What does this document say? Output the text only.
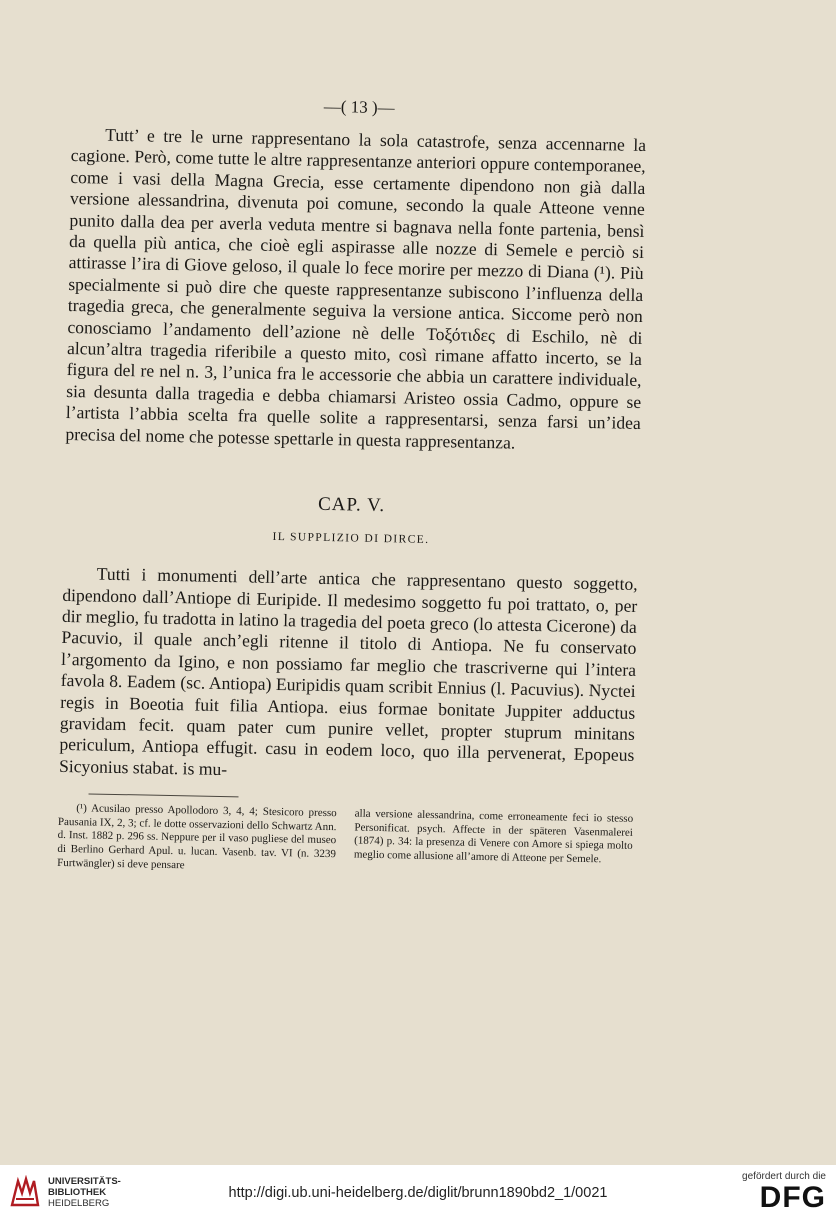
—( 13 )—

Tutt’ e tre le urne rappresentano la sola catastrofe, senza accennarne la cagione. Però, come tutte le altre rappresentanze anteriori oppure contemporanee, come i vasi della Magna Grecia, esse certamente dipendono non già dalla versione alessandrina, divenuta poi comune, secondo la quale Atteone venne punito dalla dea per averla veduta mentre si bagnava nella fonte partenia, bensì da quella più antica, che cioè egli aspirasse alle nozze di Semele e perciò si attirasse l’ira di Giove geloso, il quale lo fece morire per mezzo di Diana (¹). Più specialmente si può dire che queste rappresentanze subiscono l’influenza della tragedia greca, che generalmente seguiva la versione antica. Siccome però non conosciamo l’andamento dell’azione nè delle Τοξότιδες di Eschilo, nè di alcun’altra tragedia riferibile a questo mito, così rimane affatto incerto, se la figura del re nel n. 3, l’unica fra le accessorie che abbia un carattere individuale, sia desunta dalla tragedia e debba chiamarsi Aristeo ossia Cadmo, oppure se l’artista l’abbia scelta fra quelle solite a rappresentarsi, senza farsi un’idea precisa del nome che potesse spettarle in questa rappresentanza.

CAP. V.
IL SUPPLIZIO DI DIRCE.

Tutti i monumenti dell’arte antica che rappresentano questo soggetto, dipendono dall’Antiope di Euripide. Il medesimo soggetto fu poi trattato, o, per dir meglio, fu tradotta in latino la tragedia del poeta greco (lo attesta Cicerone) da Pacuvio, il quale anch’egli ritenne il titolo di Antiopa. Ne fu conservato l’argomento da Igino, e non possiamo far meglio che trascriverne qui l’intera favola 8. Eadem (sc. Antiopa) Euripidis quam scribit Ennius (l. Pacuvius). Nyctei regis in Boeotia fuit filia Antiopa. eius formae bonitate Juppiter adductus gravidam fecit. quam pater cum punire vellet, propter stuprum minitans periculum, Antiopa effugit. casu in eodem loco, quo illa pervenerat, Epopeus Sicyonius stabat. is mu-

(¹) Acusilao presso Apollodoro 3, 4, 4; Stesicoro presso Pausania IX, 2, 3; cf. le dotte osservazioni dello Schwartz Ann. d. Inst. 1882 p. 296 ss. Neppure per il vaso pugliese del museo di Berlino Gerhard Apul. u. lucan. Vasenb. tav. VI (n. 3239 Furtwängler) si deve pensare

alla versione alessandrina, come erroneamente feci io stesso Personificat. psych. Affecte in der späteren Vasenmalerei (1874) p. 34: la presenza di Venere con Amore si spiega molto meglio come allusione all’amore di Atteone per Semele.

UNIVERSITÄTS-
BIBLIOTHEK
HEIDELBERG
http://digi.ub.uni-heidelberg.de/diglit/brunn1890bd2_1/0021
gefördert durch die
DFG
